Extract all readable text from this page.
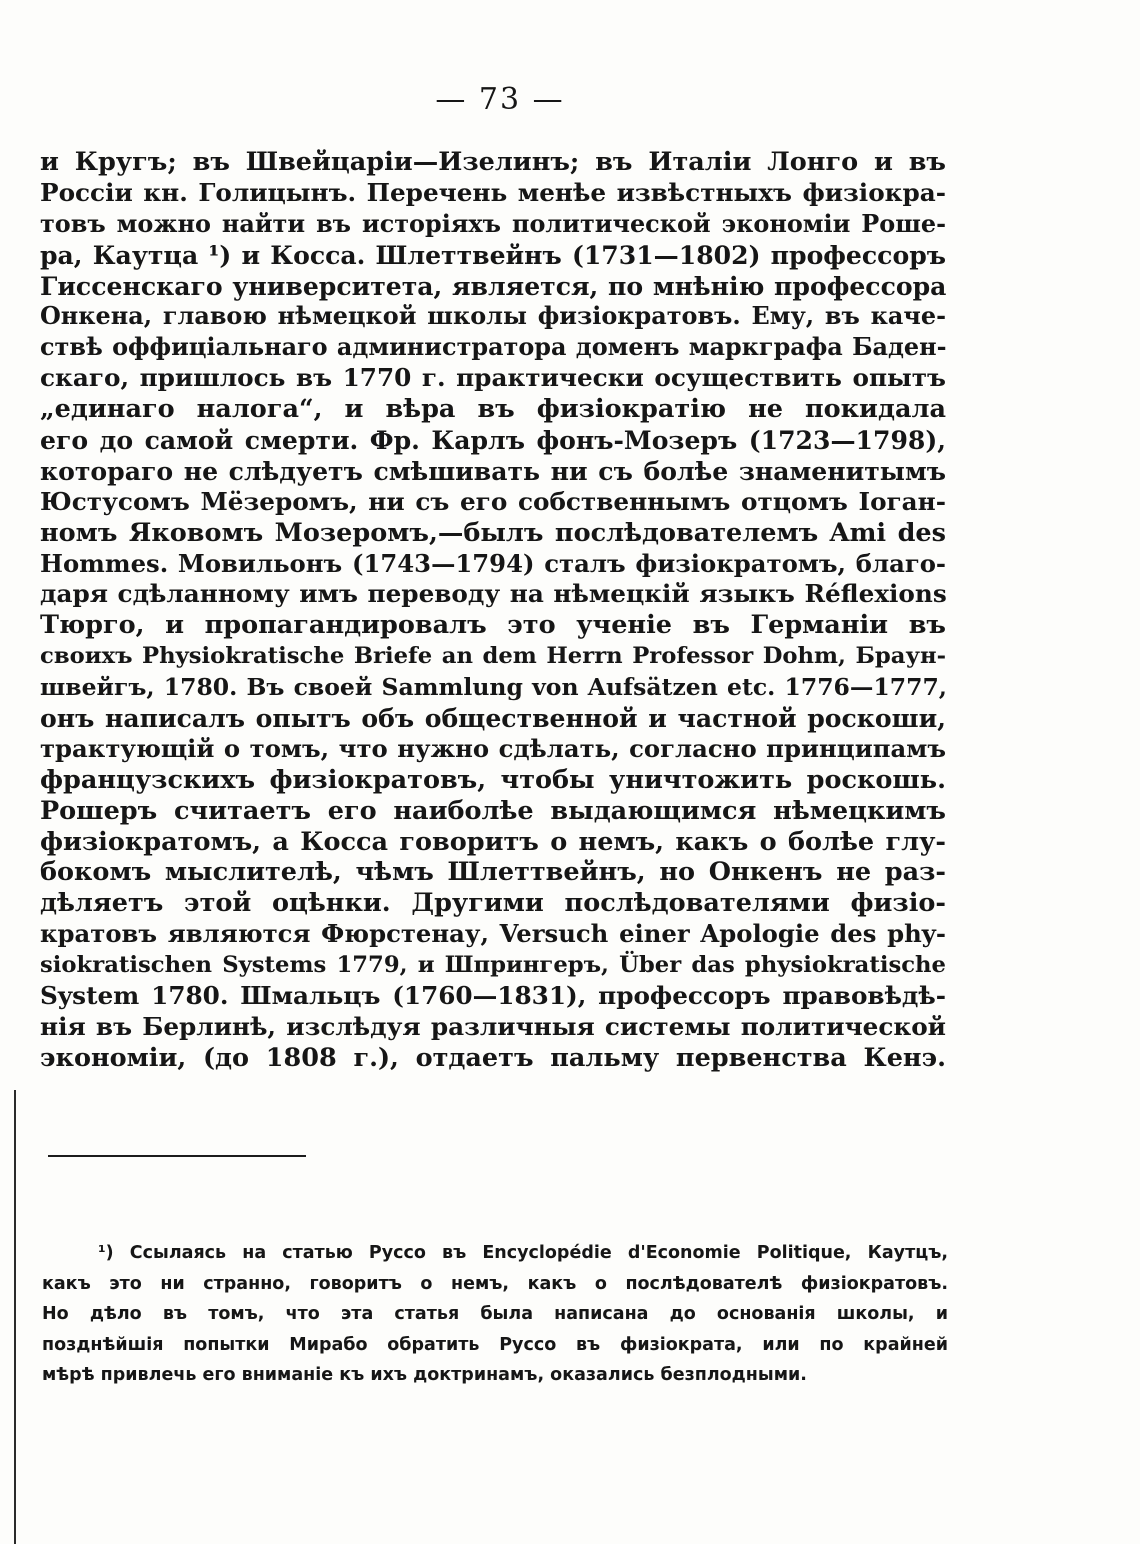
— 73 —
и Кругъ; въ Швейцаріи—Изелинъ; въ Италіи Лонго и въ
Россіи кн. Голицынъ. Перечень менѣе извѣстныхъ физіокра-
товъ можно найти въ исторіяхъ политической экономіи Роше-
ра, Каутца ¹) и Косса. Шлеттвейнъ (1731—1802) профессоръ
Гиссенскаго университета, является, по мнѣнію профессора
Онкена, главою нѣмецкой школы физіократовъ. Ему, въ каче-
ствѣ оффиціальнаго администратора доменъ маркграфа Баден-
скаго, пришлось въ 1770 г. практически осуществить опытъ
„единаго налога“, и вѣра въ физіократію не покидала
его до самой смерти. Фр. Карлъ фонъ-Мозеръ (1723—1798),
котораго не слѣдуетъ смѣшивать ни съ болѣе знаменитымъ
Юстусомъ Мёзеромъ, ни съ его собственнымъ отцомъ Іоган-
номъ Яковомъ Мозеромъ,—былъ послѣдователемъ Ami des
Hommes. Мовильонъ (1743—1794) сталъ физіократомъ, благо-
даря сдѣланному имъ переводу на нѣмецкій языкъ Réflexions
Тюрго, и пропагандировалъ это ученіе въ Германіи въ
своихъ Physiokratische Briefe an dem Herrn Professor Dohm, Браун-
швейгъ, 1780. Въ своей Sammlung von Aufsätzen etc. 1776—1777,
онъ написалъ опытъ объ общественной и частной роскоши,
трактующій о томъ, что нужно сдѣлать, согласно принципамъ
французскихъ физіократовъ, чтобы уничтожить роскошь.
Рошеръ считаетъ его наиболѣе выдающимся нѣмецкимъ
физіократомъ, а Косса говоритъ о немъ, какъ о болѣе глу-
бокомъ мыслителѣ, чѣмъ Шлеттвейнъ, но Онкенъ не раз-
дѣляетъ этой оцѣнки. Другими послѣдователями физіо-
кратовъ являются Фюрстенау, Versuch einer Apologie des phy-
siokratischen Systems 1779, и Шпрингеръ, Über das physiokratische
System 1780. Шмальцъ (1760—1831), профессоръ правовѣдѣ-
нія въ Берлинѣ, изслѣдуя различныя системы политической
экономіи, (до 1808 г.), отдаетъ пальму первенства Кенэ.
¹) Ссылаясь на статью Руссо въ Encyclopédie d'Economie Politique, Каутцъ,
какъ это ни странно, говоритъ о немъ, какъ о послѣдователѣ физіократовъ.
Но дѣло въ томъ, что эта статья была написана до основанія школы, и
позднѣйшія попытки Мирабо обратить Руссо въ физіократа, или по крайней
мѣрѣ привлечь его вниманіе къ ихъ доктринамъ, оказались безплодными.
